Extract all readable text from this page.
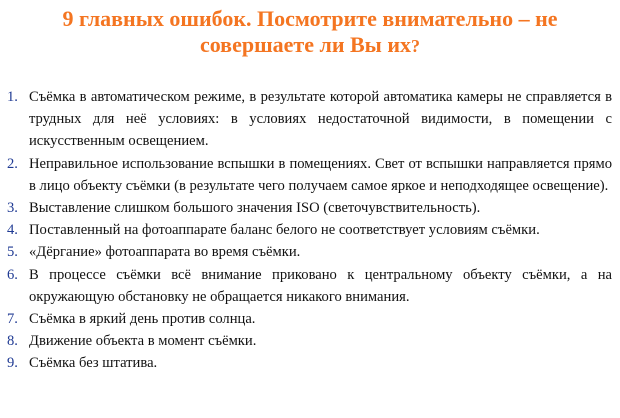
9 главных ошибок. Посмотрите внимательно – не
совершаете ли Вы их?
1. Съёмка в автоматическом режиме, в результате которой автоматика камеры не справляется в трудных для неё условиях: в условиях недостаточной видимости, в помещении с искусственным освещением.
2. Неправильное использование вспышки в помещениях. Свет от вспышки направляется прямо в лицо объекту съёмки (в результате чего получаем самое яркое и неподходящее освещение).
3. Выставление слишком большого значения ISO (светочувствительность).
4. Поставленный на фотоаппарате баланс белого не соответствует условиям съёмки.
5. «Дёргание» фотоаппарата во время съёмки.
6. В процессе съёмки всё внимание приковано к центральному объекту съёмки, а на окружающую обстановку не обращается никакого внимания.
7. Съёмка в яркий день против солнца.
8. Движение объекта в момент съёмки.
9. Съёмка без штатива.
